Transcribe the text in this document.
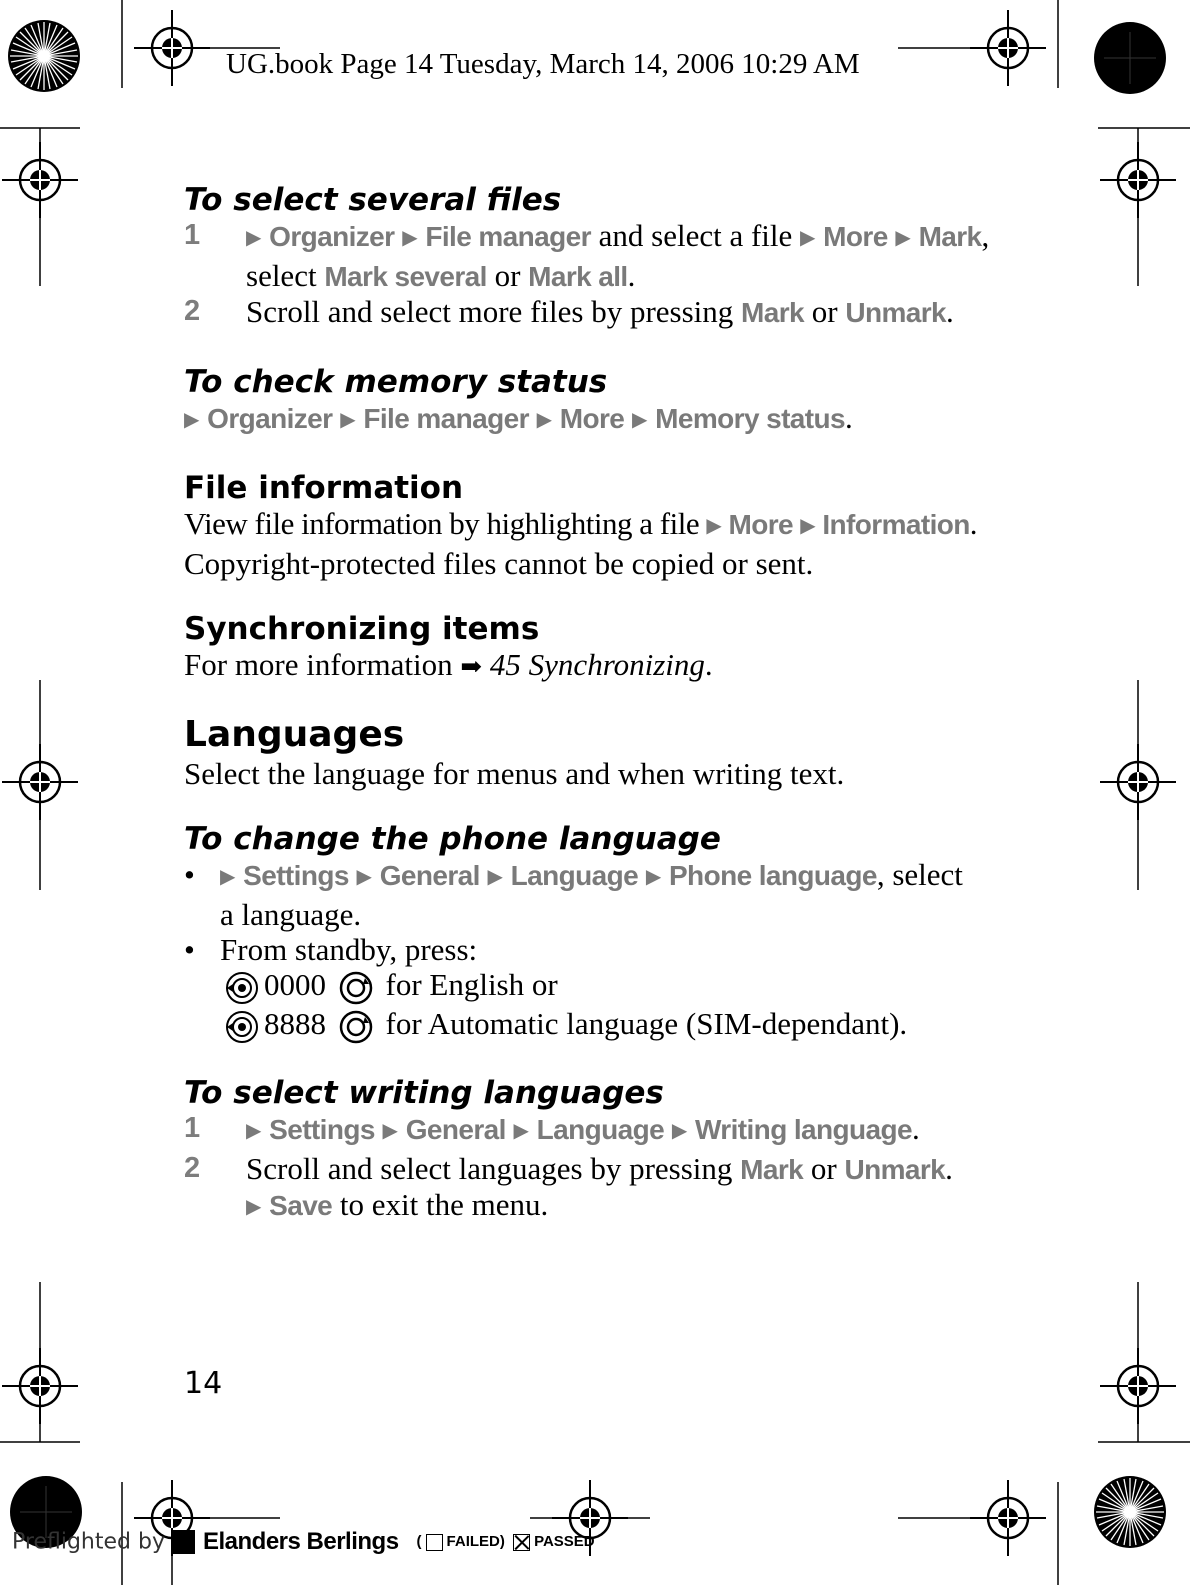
UG.book Page 14 Tuesday, March 14, 2006 10:29 AM
To select several files
1 ▶ Organizer ▶ File manager and select a file ▶ More ▶ Mark,
select Mark several or Mark all.
2 Scroll and select more files by pressing Mark or Unmark.
To check memory status
▶ Organizer ▶ File manager ▶ More ▶ Memory status.
File information
View file information by highlighting a file ▶ More ▶ Information.
Copyright-protected files cannot be copied or sent.
Synchronizing items
For more information ➡ 45 Synchronizing.
Languages
Select the language for menus and when writing text.
To change the phone language
• ▶ Settings ▶ General ▶ Language ▶ Phone language, select
a language.
• From standby, press:
0000 for English or
8888 for Automatic language (SIM-dependant).
To select writing languages
1 ▶ Settings ▶ General ▶ Language ▶ Writing language.
2 Scroll and select languages by pressing Mark or Unmark.
▶ Save to exit the menu.
14
Preflighted by Elanders Berlings ( FAILED) PASSED
